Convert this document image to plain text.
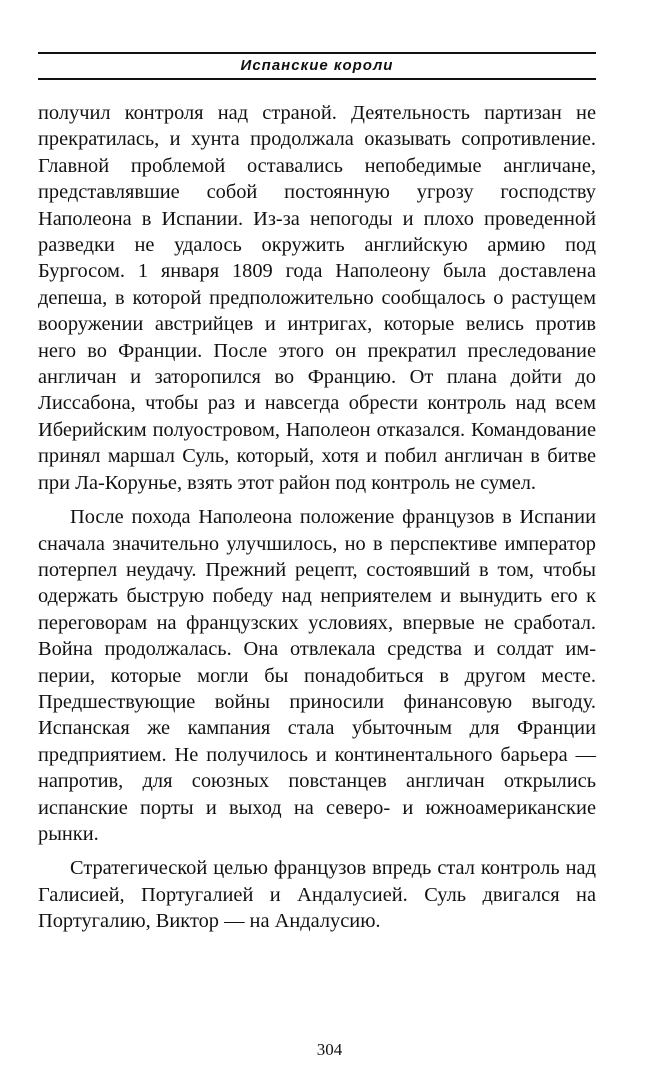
Испанские короли

получил контроля над страной. Деятельность партизан не прекратилась, и хунта продолжала оказывать сопротивление. Главной проблемой оставались непобедимые англичане, представлявшие собой постоянную угрозу господству Наполеона в Испании. Из-за непогоды и плохо проведенной разведки не удалось окружить английскую армию под Бургосом. 1 января 1809 года Наполеону была доставлена депеша, в которой предположительно сообщалось о растущем вооружении австрийцев и интригах, которые велись против него во Франции. После этого он прекратил преследование англичан и заторопился во Францию. От плана дойти до Лиссабона, чтобы раз и навсегда обрести контроль над всем Иберийским полуостровом, Наполеон отказался. Командование принял маршал Суль, который, хотя и побил англичан в битве при Ла-Корунье, взять этот район под контроль не сумел.

После похода Наполеона положение французов в Испании сначала значительно улучшилось, но в перспективе император потерпел неудачу. Прежний рецепт, состоявший в том, чтобы одержать быструю победу над неприятелем и вынудить его к переговорам на французских условиях, впервые не сработал. Война продолжалась. Она отвлекала средства и солдат империи, которые могли бы понадобиться в другом месте. Предшествующие войны приносили финансовую выгоду. Испанская же кампания стала убыточным для Франции предприятием. Не получилось и континентального барьера — напротив, для союзных повстанцев англичан открылись испанские порты и выход на северо- и южноамериканские рынки.

Стратегической целью французов впредь стал контроль над Галисией, Португалией и Андалусией. Суль двигался на Португалию, Виктор — на Андалусию.

304
